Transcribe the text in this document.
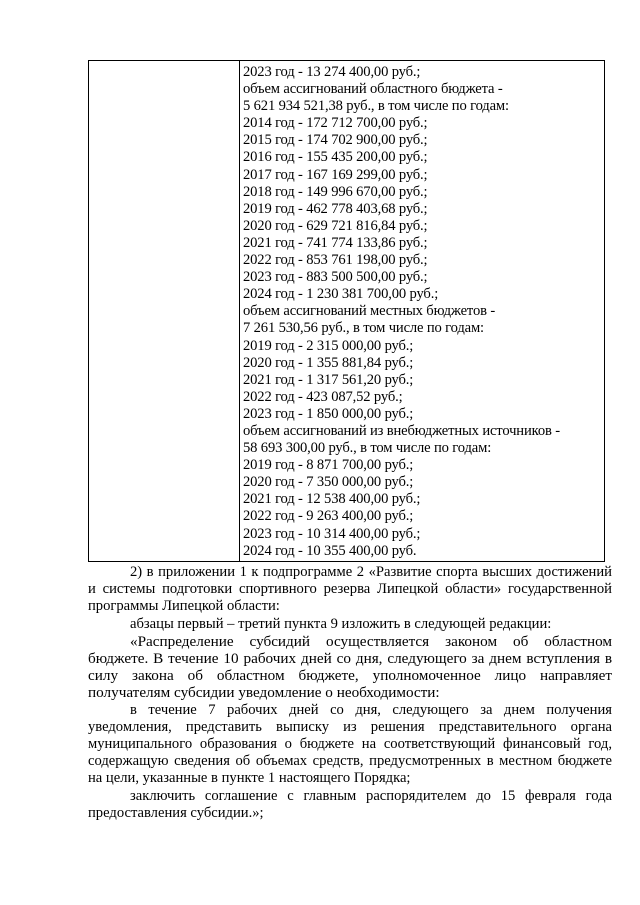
2023 год - 13 274 400,00 руб.;
объем ассигнований областного бюджета -
5 621 934 521,38 руб., в том числе по годам:
2014 год - 172 712 700,00 руб.;
2015 год - 174 702 900,00 руб.;
2016 год - 155 435 200,00 руб.;
2017 год - 167 169 299,00 руб.;
2018 год - 149 996 670,00 руб.;
2019 год - 462 778 403,68 руб.;
2020 год - 629 721 816,84 руб.;
2021 год - 741 774 133,86 руб.;
2022 год - 853 761 198,00 руб.;
2023 год - 883 500 500,00 руб.;
2024 год - 1 230 381 700,00 руб.;
объем ассигнований местных бюджетов -
7 261 530,56 руб., в том числе по годам:
2019 год - 2 315 000,00 руб.;
2020 год - 1 355 881,84 руб.;
2021 год - 1 317 561,20 руб.;
2022 год - 423 087,52 руб.;
2023 год - 1 850 000,00 руб.;
объем ассигнований из внебюджетных источников -
58 693 300,00 руб., в том числе по годам:
2019 год - 8 871 700,00 руб.;
2020 год - 7 350 000,00 руб.;
2021 год - 12 538 400,00 руб.;
2022 год - 9 263 400,00 руб.;
2023 год - 10 314 400,00 руб.;
2024 год - 10 355 400,00 руб.

2) в приложении 1 к подпрограмме 2 «Развитие спорта высших достижений и системы подготовки спортивного резерва Липецкой области» государственной программы Липецкой области:

абзацы первый – третий пункта 9 изложить в следующей редакции:

«Распределение субсидий осуществляется законом об областном бюджете. В течение 10 рабочих дней со дня, следующего за днем вступления в силу закона об областном бюджете, уполномоченное лицо направляет получателям субсидии уведомление о необходимости:

в течение 7 рабочих дней со дня, следующего за днем получения уведомления, представить выписку из решения представительного органа муниципального образования о бюджете на соответствующий финансовый год, содержащую сведения об объемах средств, предусмотренных в местном бюджете на цели, указанные в пункте 1 настоящего Порядка;

заключить соглашение с главным распорядителем до 15 февраля года предоставления субсидии.»;
